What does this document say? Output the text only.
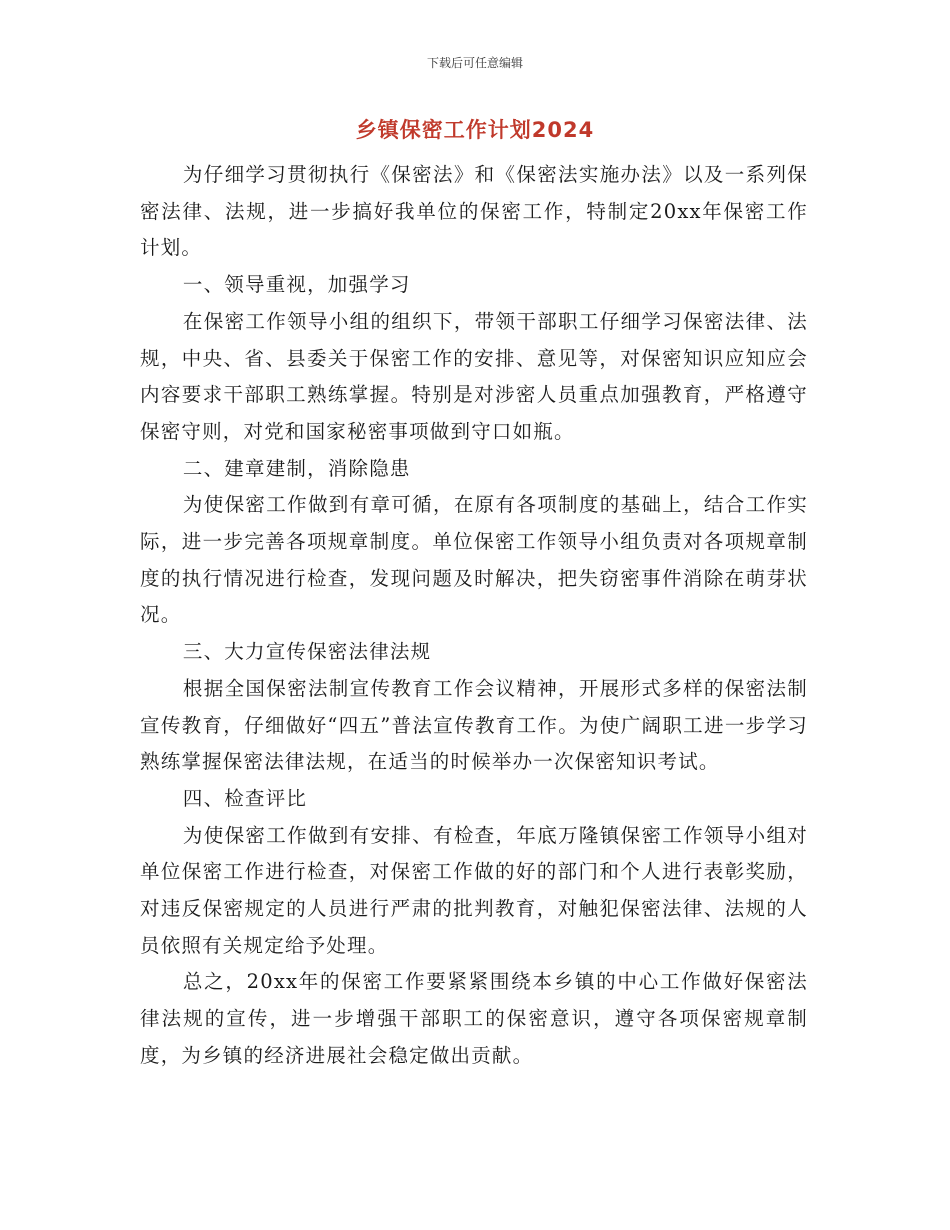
下载后可任意编辑
乡镇保密工作计划2024

为仔细学习贯彻执行《保密法》和《保密法实施办法》以及一系列保密法律、法规，进一步搞好我单位的保密工作，特制定20xx年保密工作计划。

一、领导重视，加强学习

在保密工作领导小组的组织下，带领干部职工仔细学习保密法律、法规，中央、省、县委关于保密工作的安排、意见等，对保密知识应知应会内容要求干部职工熟练掌握。特别是对涉密人员重点加强教育，严格遵守保密守则，对党和国家秘密事项做到守口如瓶。

二、建章建制，消除隐患

为使保密工作做到有章可循，在原有各项制度的基础上，结合工作实际，进一步完善各项规章制度。单位保密工作领导小组负责对各项规章制度的执行情况进行检查，发现问题及时解决，把失窃密事件消除在萌芽状况。

三、大力宣传保密法律法规

根据全国保密法制宣传教育工作会议精神，开展形式多样的保密法制宣传教育，仔细做好“四五”普法宣传教育工作。为使广阔职工进一步学习熟练掌握保密法律法规，在适当的时候举办一次保密知识考试。

四、检查评比

为使保密工作做到有安排、有检查，年底万隆镇保密工作领导小组对单位保密工作进行检查，对保密工作做的好的部门和个人进行表彰奖励，对违反保密规定的人员进行严肃的批判教育，对触犯保密法律、法规的人员依照有关规定给予处理。

总之，20xx年的保密工作要紧紧围绕本乡镇的中心工作做好保密法律法规的宣传，进一步增强干部职工的保密意识，遵守各项保密规章制度，为乡镇的经济进展社会稳定做出贡献。
